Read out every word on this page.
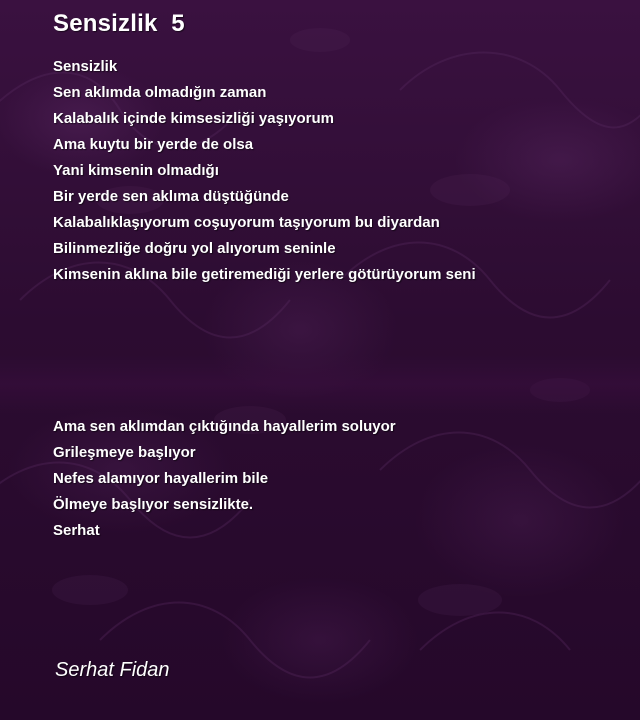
Sensizlik  5
Sensizlik
Sen aklımda olmadığın zaman
Kalabalık içinde kimsesizliği yaşıyorum
Ama kuytu bir yerde de olsa
Yani kimsenin olmadığı
Bir yerde sen aklıma düştüğünde
Kalabalıklaşıyorum coşuyorum taşıyorum bu diyardan
Bilinmezliğe doğru yol alıyorum seninle
Kimsenin aklına bile getiremediği yerlere götürüyorum seni
Ama sen aklımdan çıktığında hayallerim soluyor
Grileşmeye başlıyor
Nefes alamıyor hayallerim bile
Ölmeye başlıyor sensizlikte.
Serhat
Serhat Fidan
